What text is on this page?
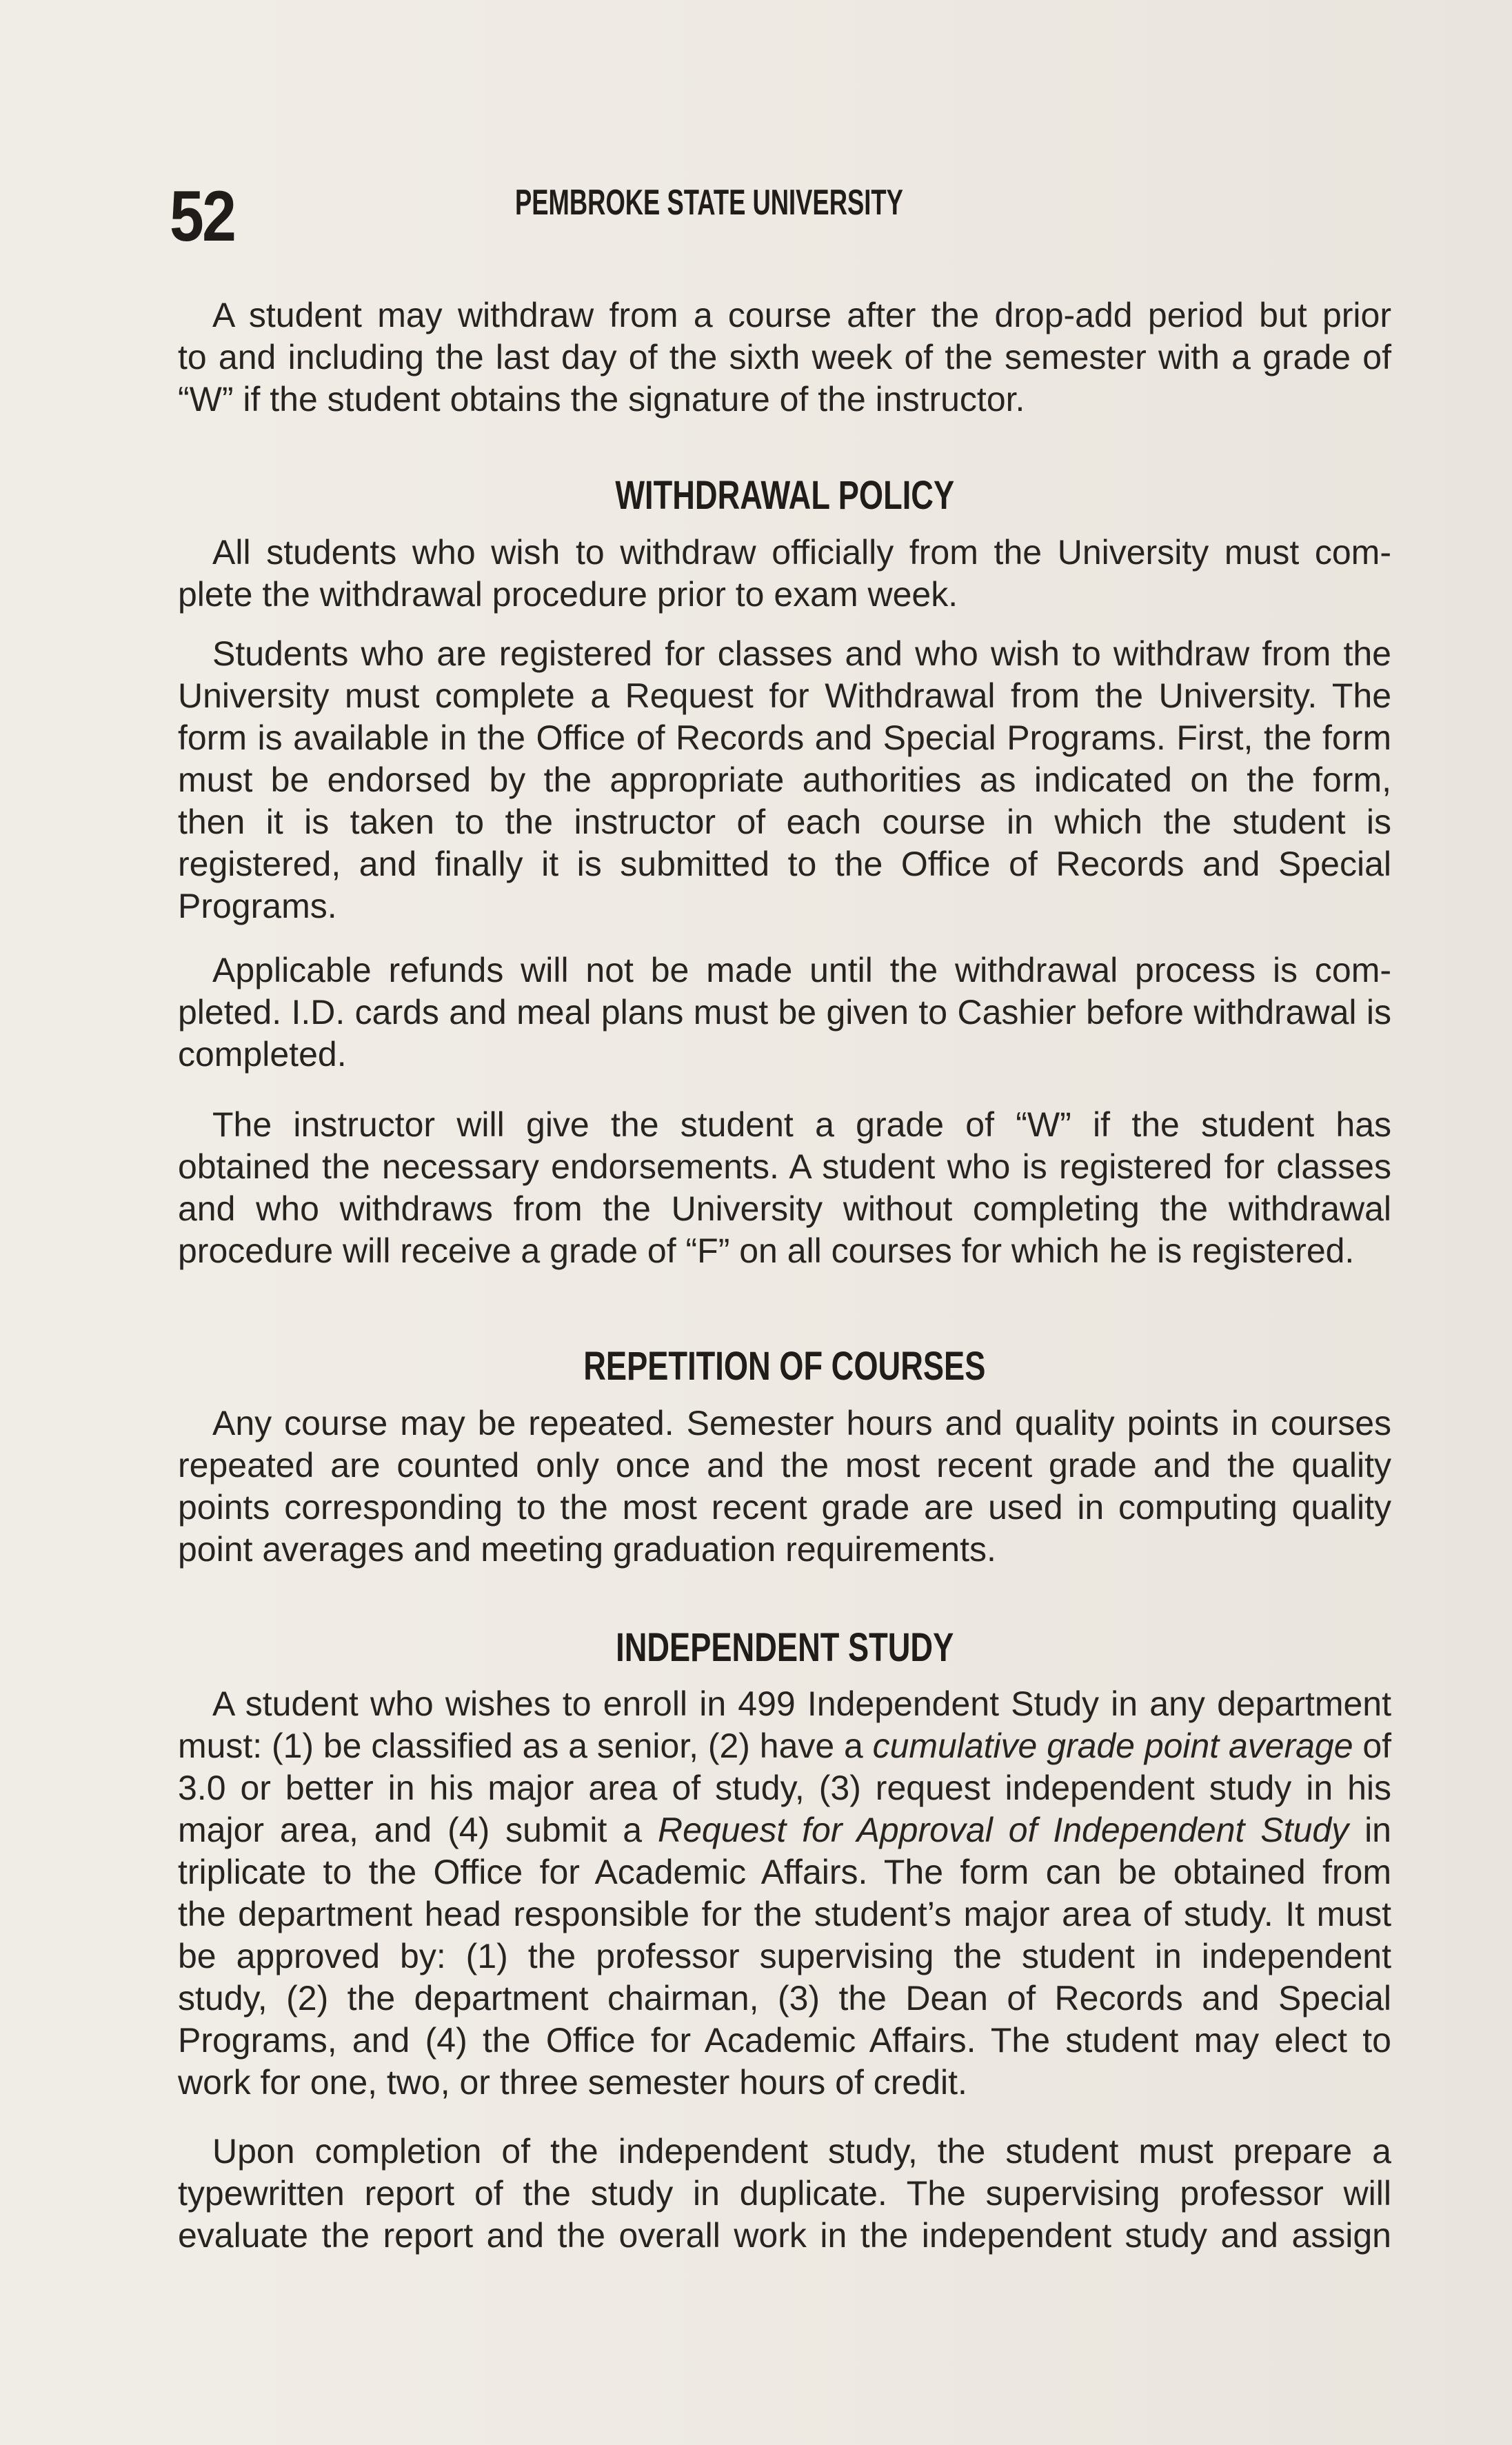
52	PEMBROKE STATE UNIVERSITY
A student may withdraw from a course after the drop-add period but prior
to and including the last day of the sixth week of the semester with a grade of
“W” if the student obtains the signature of the instructor.
WITHDRAWAL POLICY
All students who wish to withdraw officially from the University must com-
plete the withdrawal procedure prior to exam week.
Students who are registered for classes and who wish to withdraw from the
University must complete a Request for Withdrawal from the University. The
form is available in the Office of Records and Special Programs. First, the form
must be endorsed by the appropriate authorities as indicated on the form,
then it is taken to the instructor of each course in which the student is
registered, and finally it is submitted to the Office of Records and Special
Programs.
Applicable refunds will not be made until the withdrawal process is com-
pleted. I.D. cards and meal plans must be given to Cashier before withdrawal is
completed.
The instructor will give the student a grade of “W” if the student has
obtained the necessary endorsements. A student who is registered for classes
and who withdraws from the University without completing the withdrawal
procedure will receive a grade of “F” on all courses for which he is registered.
REPETITION OF COURSES
Any course may be repeated. Semester hours and quality points in courses
repeated are counted only once and the most recent grade and the quality
points corresponding to the most recent grade are used in computing quality
point averages and meeting graduation requirements.
INDEPENDENT STUDY
A student who wishes to enroll in 499 Independent Study in any department
must: (1) be classified as a senior, (2) have a cumulative grade point average of
3.0 or better in his major area of study, (3) request independent study in his
major area, and (4) submit a Request for Approval of Independent Study in
triplicate to the Office for Academic Affairs. The form can be obtained from
the department head responsible for the student’s major area of study. It must
be approved by: (1) the professor supervising the student in independent
study, (2) the department chairman, (3) the Dean of Records and Special
Programs, and (4) the Office for Academic Affairs. The student may elect to
work for one, two, or three semester hours of credit.
Upon completion of the independent study, the student must prepare a
typewritten report of the study in duplicate. The supervising professor will
evaluate the report and the overall work in the independent study and assign
